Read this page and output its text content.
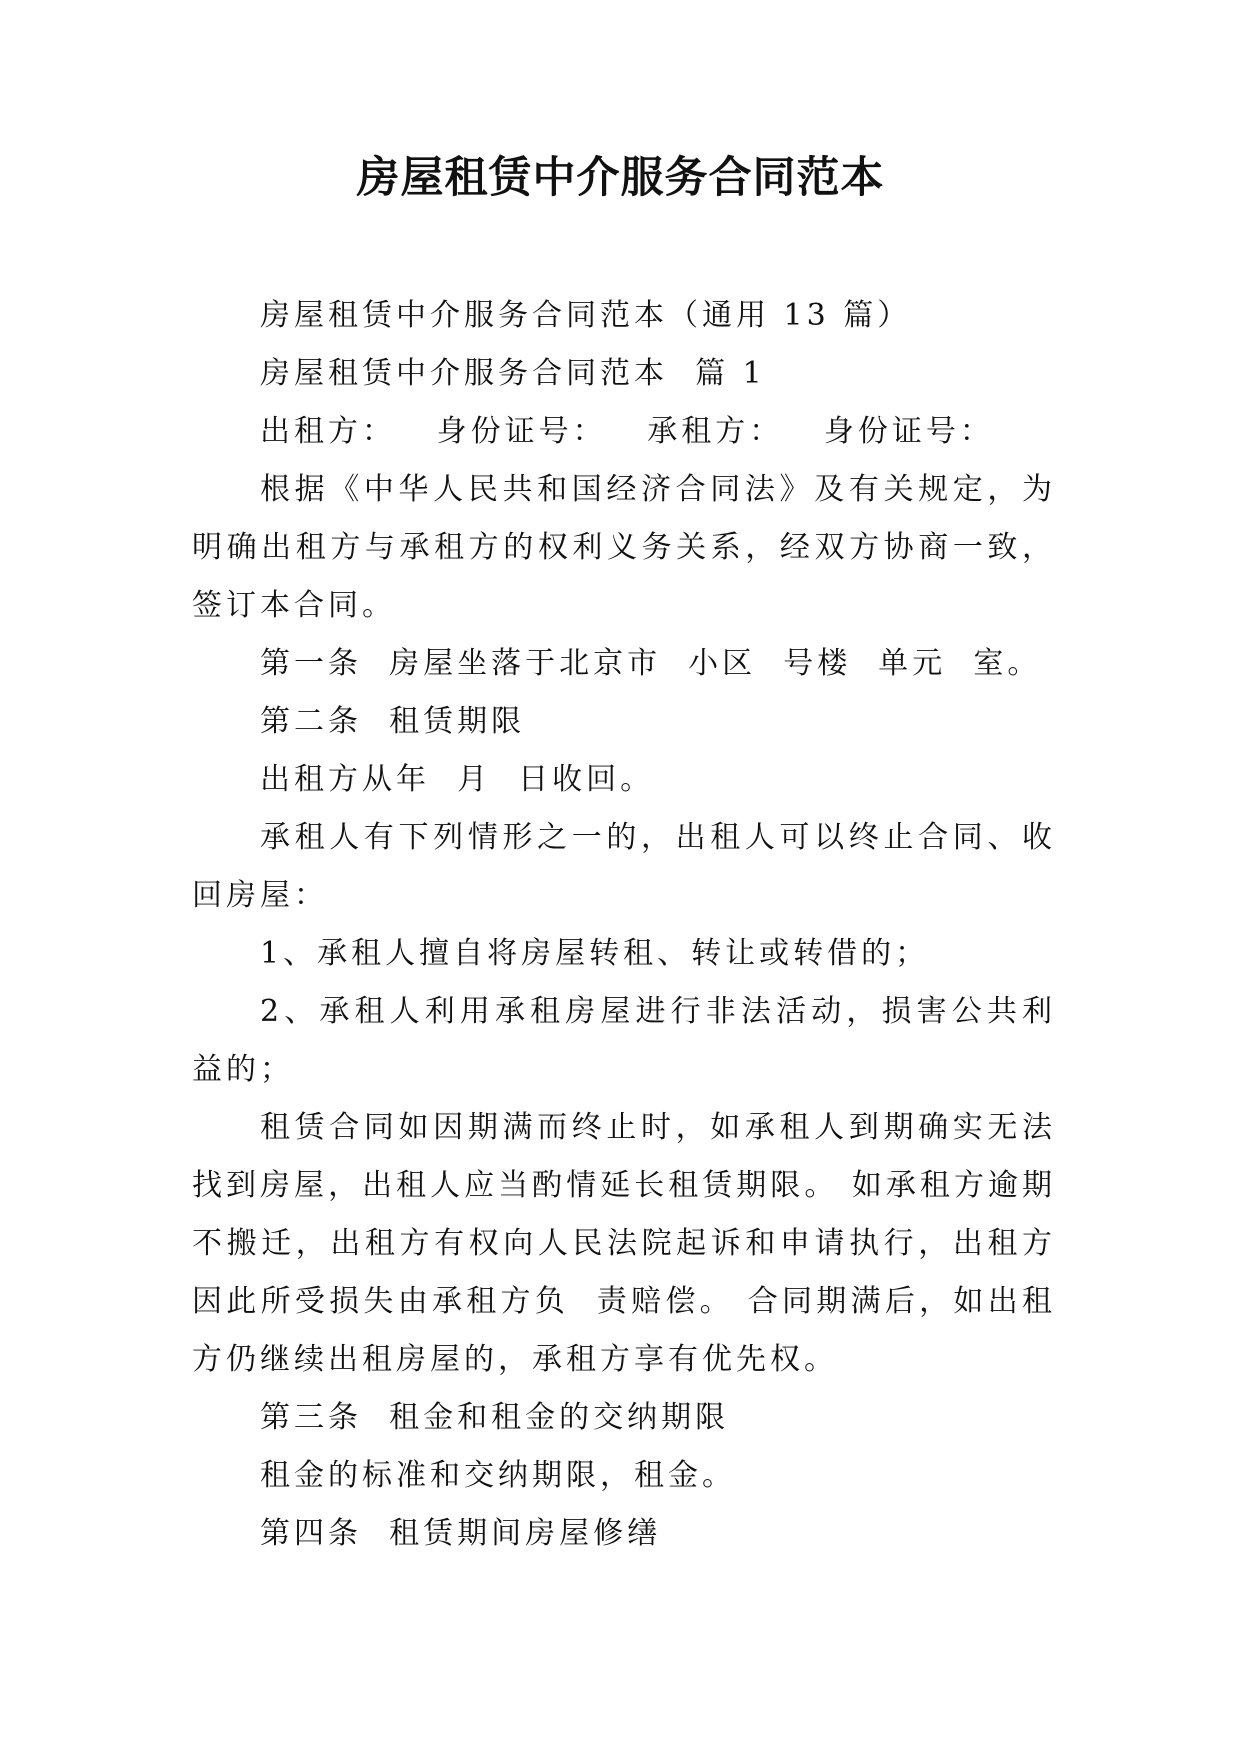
房屋租赁中介服务合同范本

房屋租赁中介服务合同范本（通用 13 篇）

房屋租赁中介服务合同范本  篇 1

出租方：   身份证号：   承租方：   身份证号：

根据《中华人民共和国经济合同法》及有关规定，为明确出租方与承租方的权利义务关系，经双方协商一致，签订本合同。

第一条  房屋坐落于北京市  小区  号楼  单元  室。

第二条  租赁期限

出租方从年  月  日收回。

承租人有下列情形之一的，出租人可以终止合同、收回房屋：

1、承租人擅自将房屋转租、转让或转借的；

2、承租人利用承租房屋进行非法活动，损害公共利益的；

租赁合同如因期满而终止时，如承租人到期确实无法找到房屋，出租人应当酌情延长租赁期限。 如承租方逾期不搬迁，出租方有权向人民法院起诉和申请执行，出租方因此所受损失由承租方负  责赔偿。 合同期满后，如出租方仍继续出租房屋的，承租方享有优先权。

第三条  租金和租金的交纳期限

租金的标准和交纳期限，租金。

第四条  租赁期间房屋修缮
